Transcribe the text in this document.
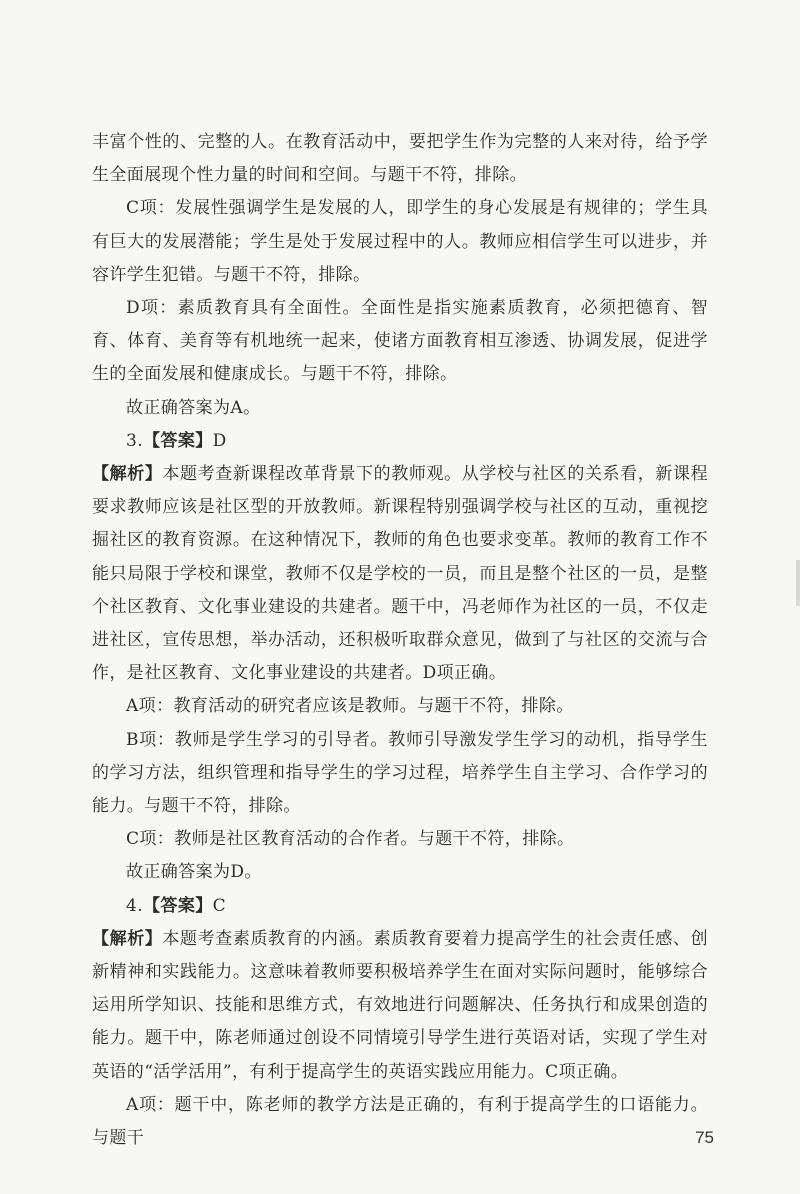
丰富个性的、完整的人。在教育活动中，要把学生作为完整的人来对待，给予学生全面展现个性力量的时间和空间。与题干不符，排除。

C项：发展性强调学生是发展的人，即学生的身心发展是有规律的；学生具有巨大的发展潜能；学生是处于发展过程中的人。教师应相信学生可以进步，并容许学生犯错。与题干不符，排除。

D项：素质教育具有全面性。全面性是指实施素质教育，必须把德育、智育、体育、美育等有机地统一起来，使诸方面教育相互渗透、协调发展，促进学生的全面发展和健康成长。与题干不符，排除。

故正确答案为A。

3.【答案】D

【解析】本题考查新课程改革背景下的教师观。从学校与社区的关系看，新课程要求教师应该是社区型的开放教师。新课程特别强调学校与社区的互动，重视挖掘社区的教育资源。在这种情况下，教师的角色也要求变革。教师的教育工作不能只局限于学校和课堂，教师不仅是学校的一员，而且是整个社区的一员，是整个社区教育、文化事业建设的共建者。题干中，冯老师作为社区的一员，不仅走进社区，宣传思想，举办活动，还积极听取群众意见，做到了与社区的交流与合作，是社区教育、文化事业建设的共建者。D项正确。

A项：教育活动的研究者应该是教师。与题干不符，排除。

B项：教师是学生学习的引导者。教师引导激发学生学习的动机，指导学生的学习方法，组织管理和指导学生的学习过程，培养学生自主学习、合作学习的能力。与题干不符，排除。

C项：教师是社区教育活动的合作者。与题干不符，排除。

故正确答案为D。

4.【答案】C

【解析】本题考查素质教育的内涵。素质教育要着力提高学生的社会责任感、创新精神和实践能力。这意味着教师要积极培养学生在面对实际问题时，能够综合运用所学知识、技能和思维方式，有效地进行问题解决、任务执行和成果创造的能力。题干中，陈老师通过创设不同情境引导学生进行英语对话，实现了学生对英语的“活学活用”，有利于提高学生的英语实践应用能力。C项正确。

A项：题干中，陈老师的教学方法是正确的，有利于提高学生的口语能力。与题干	75
